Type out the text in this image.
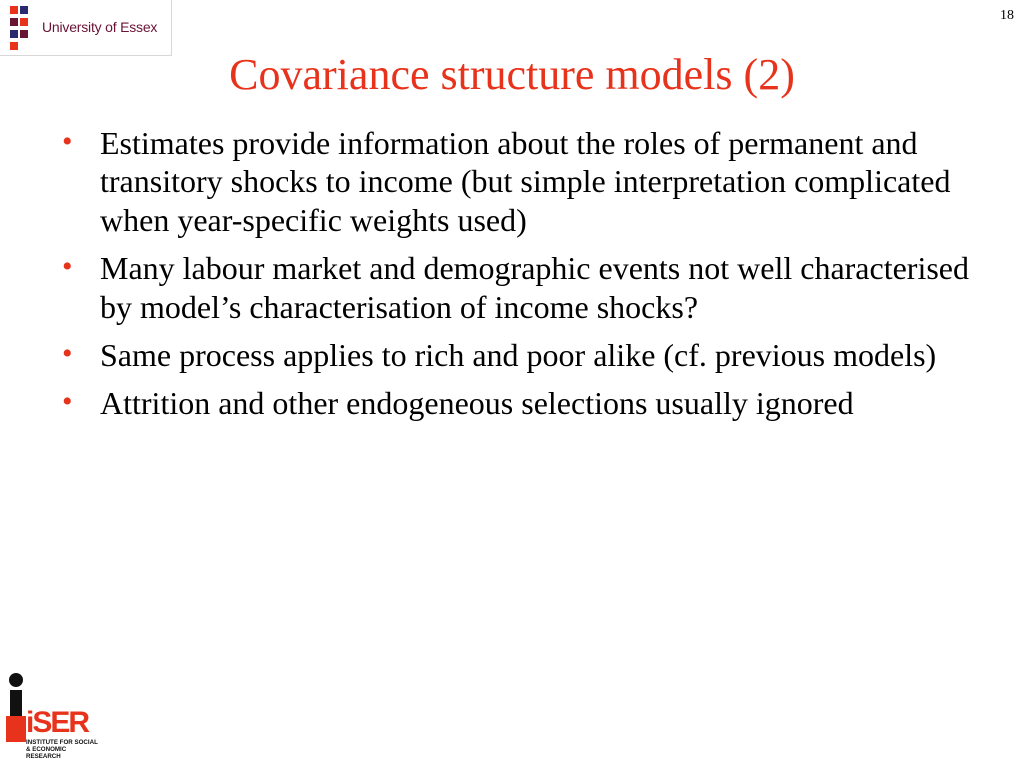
University of Essex
18
Covariance structure models (2)
• Estimates provide information about the roles of permanent and transitory shocks to income (but simple interpretation complicated when year-specific weights used)
• Many labour market and demographic events not well characterised by model’s characterisation of income shocks?
• Same process applies to rich and poor alike (cf. previous models)
• Attrition and other endogeneous selections usually ignored
iSER
INSTITUTE FOR SOCIAL & ECONOMIC RESEARCH
